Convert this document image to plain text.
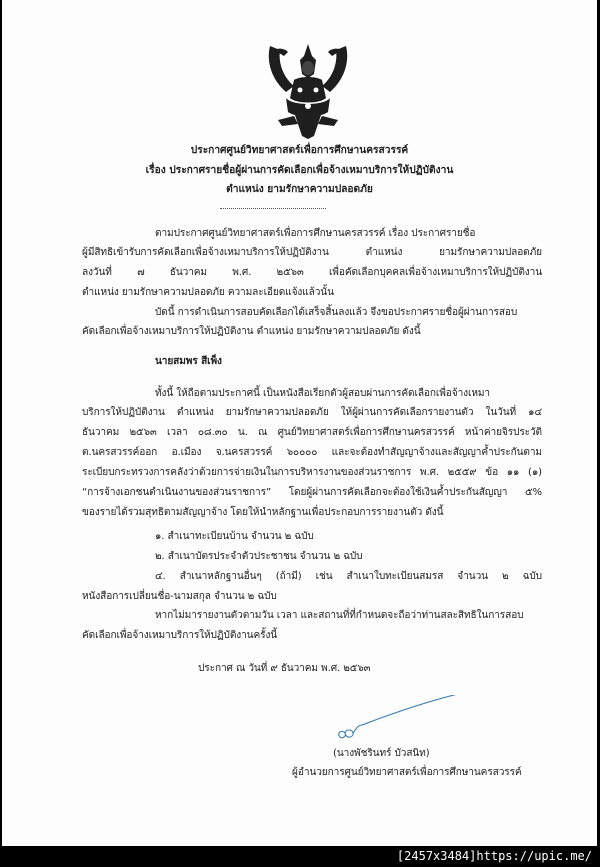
ประกาศศูนย์วิทยาศาสตร์เพื่อการศึกษานครสวรรค์
เรื่อง ประกาศรายชื่อผู้ผ่านการคัดเลือกเพื่อจ้างเหมาบริการให้ปฏิบัติงาน
ตำแหน่ง ยามรักษาความปลอดภัย
ตามประกาศศูนย์วิทยาศาสตร์เพื่อการศึกษานครสวรรค์ เรื่อง ประกาศรายชื่อ
ผู้มีสิทธิเข้ารับการคัดเลือกเพื่อจ้างเหมาบริการให้ปฏิบัติงาน ตำแหน่ง ยามรักษาความปลอดภัย
ลงวันที่ ๗ ธันวาคม พ.ศ. ๒๕๖๓ เพื่อคัดเลือกบุคคลเพื่อจ้างเหมาบริการให้ปฏิบัติงาน
ตำแหน่ง ยามรักษาความปลอดภัย ความละเอียดแจ้งแล้วนั้น
บัดนี้ การดำเนินการสอบคัดเลือกได้เสร็จสิ้นลงแล้ว จึงขอประกาศรายชื่อผู้ผ่านการสอบ
คัดเลือกเพื่อจ้างเหมาบริการให้ปฏิบัติงาน ตำแหน่ง ยามรักษาความปลอดภัย ดังนี้
นายสมพร สีเพ็ง
ทั้งนี้ ให้ถือตามประกาศนี้ เป็นหนังสือเรียกตัวผู้สอบผ่านการคัดเลือกเพื่อจ้างเหมา
บริการให้ปฏิบัติงาน ตำแหน่ง ยามรักษาความปลอดภัย ให้ผู้ผ่านการคัดเลือกรายงานตัว ในวันที่ ๑๔
ธันวาคม ๒๕๖๓ เวลา ๐๘.๓๐ น. ณ ศูนย์วิทยาศาสตร์เพื่อการศึกษานครสวรรค์ หน้าค่ายจิรประวัติ
ต.นครสวรรค์ออก อ.เมือง จ.นครสวรรค์ ๖๐๐๐๐ และจะต้องทำสัญญาจ้างและสัญญาค้ำประกันตาม
ระเบียบกระทรวงการคลังว่าด้วยการจ่ายเงินในการบริหารงานของส่วนราชการ พ.ศ. ๒๕๕๙ ข้อ ๑๑ (๑)
“การจ้างเอกชนดำเนินงานของส่วนราชการ” โดยผู้ผ่านการคัดเลือกจะต้องใช้เงินค้ำประกันสัญญา ๕%
ของรายได้รวมสุทธิตามสัญญาจ้าง โดยให้นำหลักฐานเพื่อประกอบการรายงานตัว ดังนี้
๑. สำเนาทะเบียนบ้าน จำนวน ๒ ฉบับ
๒. สำเนาบัตรประจำตัวประชาชน จำนวน ๒ ฉบับ
๔. สำเนาหลักฐานอื่นๆ (ถ้ามี) เช่น สำเนาใบทะเบียนสมรส จำนวน ๒ ฉบับ
หนังสือการเปลี่ยนชื่อ-นามสกุล จำนวน ๒ ฉบับ
หากไม่มารายงานตัวตามวัน เวลา และสถานที่ที่กำหนดจะถือว่าท่านสละสิทธิในการสอบ
คัดเลือกเพื่อจ้างเหมาบริการให้ปฏิบัติงานครั้งนี้
ประกาศ ณ วันที่ ๙ ธันวาคม พ.ศ. ๒๕๖๓
(นางพัชรินทร์ บัวสนิท)
ผู้อำนวยการศูนย์วิทยาศาสตร์เพื่อการศึกษานครสวรรค์
[2457x3484]https://upic.me/
